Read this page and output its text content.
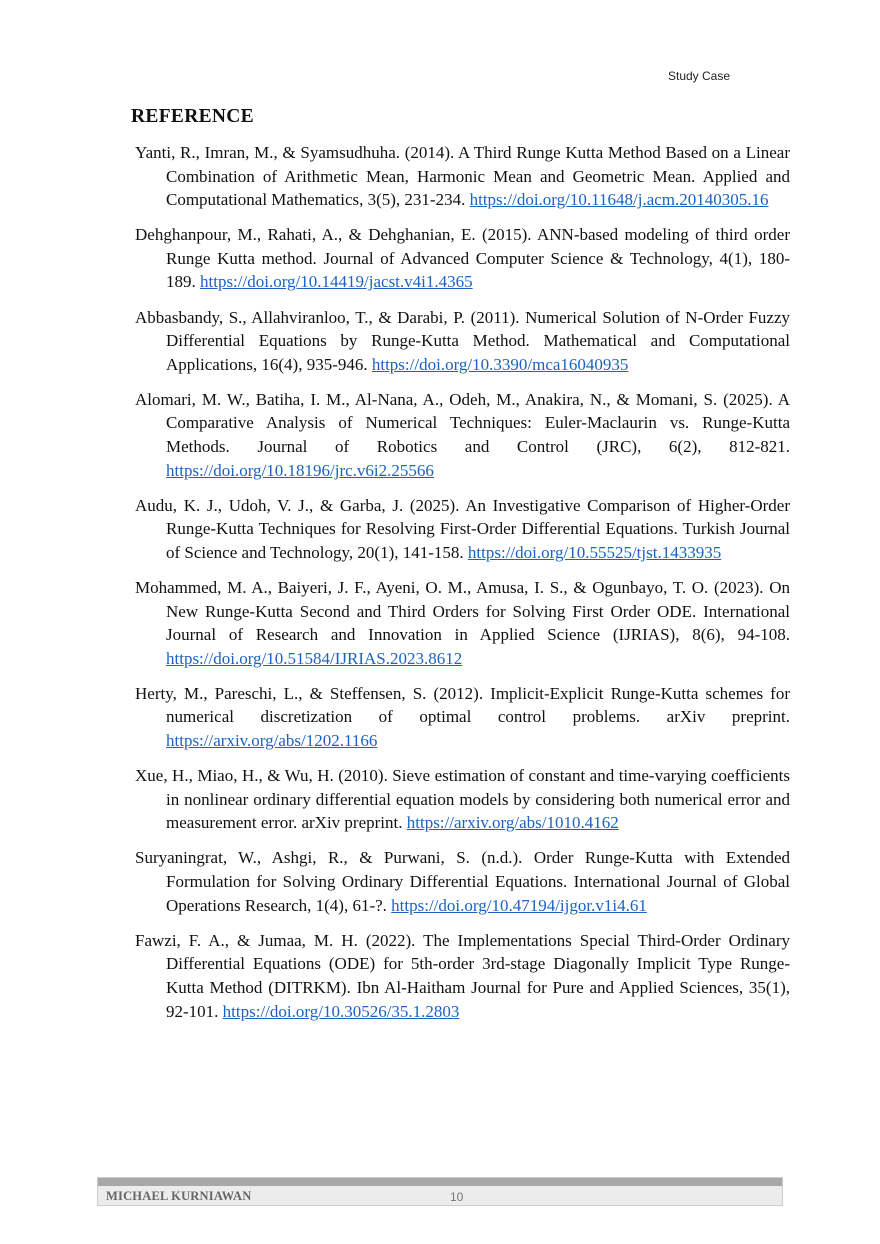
Study Case
REFERENCE
Yanti, R., Imran, M., & Syamsudhuha. (2014). A Third Runge Kutta Method Based on a Linear Combination of Arithmetic Mean, Harmonic Mean and Geometric Mean. Applied and Computational Mathematics, 3(5), 231-234. https://doi.org/10.11648/j.acm.20140305.16
Dehghanpour, M., Rahati, A., & Dehghanian, E. (2015). ANN-based modeling of third order Runge Kutta method. Journal of Advanced Computer Science & Technology, 4(1), 180-189. https://doi.org/10.14419/jacst.v4i1.4365
Abbasbandy, S., Allahviranloo, T., & Darabi, P. (2011). Numerical Solution of N-Order Fuzzy Differential Equations by Runge-Kutta Method. Mathematical and Computational Applications, 16(4), 935-946. https://doi.org/10.3390/mca16040935
Alomari, M. W., Batiha, I. M., Al-Nana, A., Odeh, M., Anakira, N., & Momani, S. (2025). A Comparative Analysis of Numerical Techniques: Euler-Maclaurin vs. Runge-Kutta Methods. Journal of Robotics and Control (JRC), 6(2), 812-821. https://doi.org/10.18196/jrc.v6i2.25566
Audu, K. J., Udoh, V. J., & Garba, J. (2025). An Investigative Comparison of Higher-Order Runge-Kutta Techniques for Resolving First-Order Differential Equations. Turkish Journal of Science and Technology, 20(1), 141-158. https://doi.org/10.55525/tjst.1433935
Mohammed, M. A., Baiyeri, J. F., Ayeni, O. M., Amusa, I. S., & Ogunbayo, T. O. (2023). On New Runge-Kutta Second and Third Orders for Solving First Order ODE. International Journal of Research and Innovation in Applied Science (IJRIAS), 8(6), 94-108. https://doi.org/10.51584/IJRIAS.2023.8612
Herty, M., Pareschi, L., & Steffensen, S. (2012). Implicit-Explicit Runge-Kutta schemes for numerical discretization of optimal control problems. arXiv preprint. https://arxiv.org/abs/1202.1166
Xue, H., Miao, H., & Wu, H. (2010). Sieve estimation of constant and time-varying coefficients in nonlinear ordinary differential equation models by considering both numerical error and measurement error. arXiv preprint. https://arxiv.org/abs/1010.4162
Suryaningrat, W., Ashgi, R., & Purwani, S. (n.d.). Order Runge-Kutta with Extended Formulation for Solving Ordinary Differential Equations. International Journal of Global Operations Research, 1(4), 61-?. https://doi.org/10.47194/ijgor.v1i4.61
Fawzi, F. A., & Jumaa, M. H. (2022). The Implementations Special Third-Order Ordinary Differential Equations (ODE) for 5th-order 3rd-stage Diagonally Implicit Type Runge-Kutta Method (DITRKM). Ibn Al-Haitham Journal for Pure and Applied Sciences, 35(1), 92-101. https://doi.org/10.30526/35.1.2803
MICHAEL KURNIAWAN	10
